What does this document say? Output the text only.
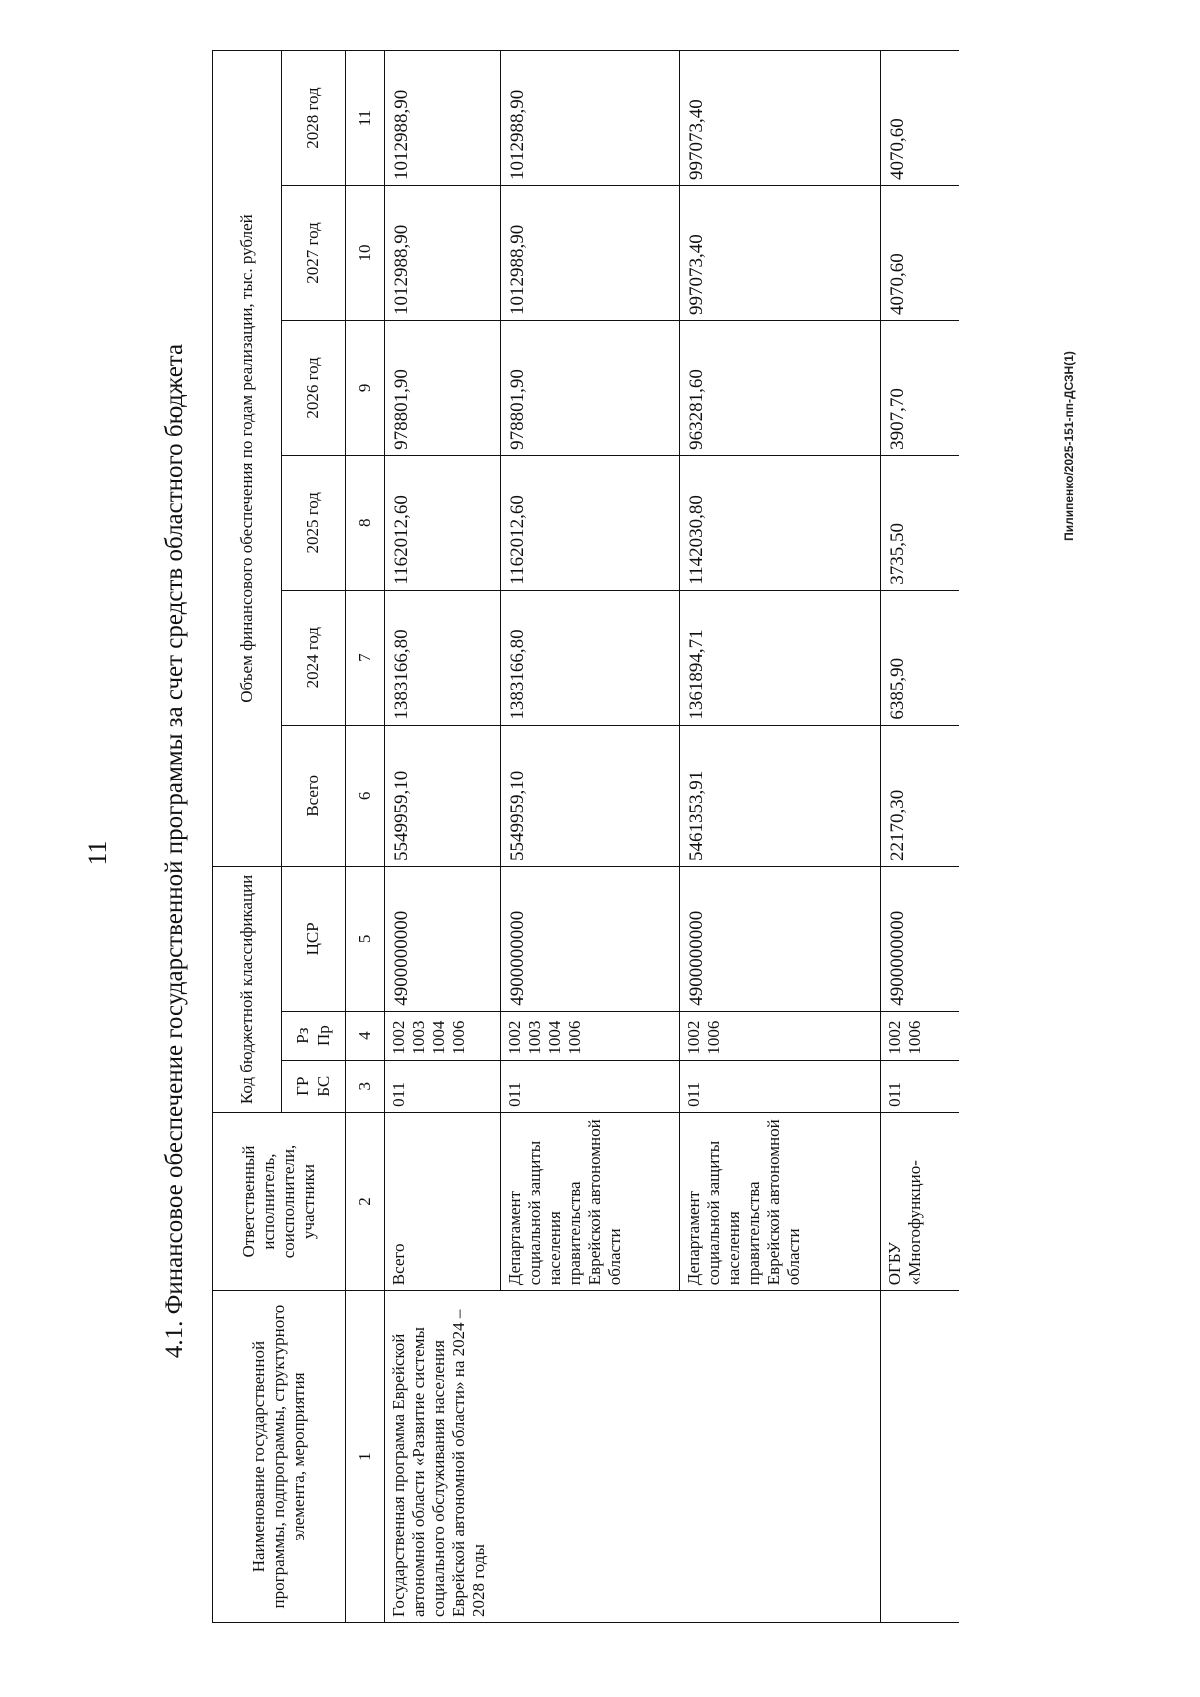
11
Пилипенко/2025-151-пп-ДСЗН(1)
4.1. Финансовое обеспечение государственной программы за счет средств областного бюджета
Наименование государственной программы, подпрограммы, структурного элемента, мероприятия	Ответственный исполнитель, соисполнители, участники	Код бюджетной классификации			Объем финансового обеспечения по годам реализации, тыс. рублей					
		ГР БС	Рз Пр	ЦСР	Всего	2024 год	2025 год	2026 год	2027 год	2028 год
1	2	3	4	5	6	7	8	9	10	11
Государственная программа Еврейской автономной области «Развитие системы социального обслуживания населения Еврейской автономной области» на 2024 – 2028 годы	Всего	011	1002 1003 1004 1006	4900000000	5549959,10	1383166,80	1162012,60	978801,90	1012988,90	1012988,90
	Департамент социальной защиты населения правительства Еврейской автономной области	011	1002 1003 1004 1006	4900000000	5549959,10	1383166,80	1162012,60	978801,90	1012988,90	1012988,90
	Департамент социальной защиты населения правительства Еврейской автономной области	011	1002 1006	4900000000	5461353,91	1361894,71	1142030,80	963281,60	997073,40	997073,40
	ОГБУ «Многофункцио-	011	1002 1006	4900000000	22170,30	6385,90	3735,50	3907,70	4070,60	4070,60
